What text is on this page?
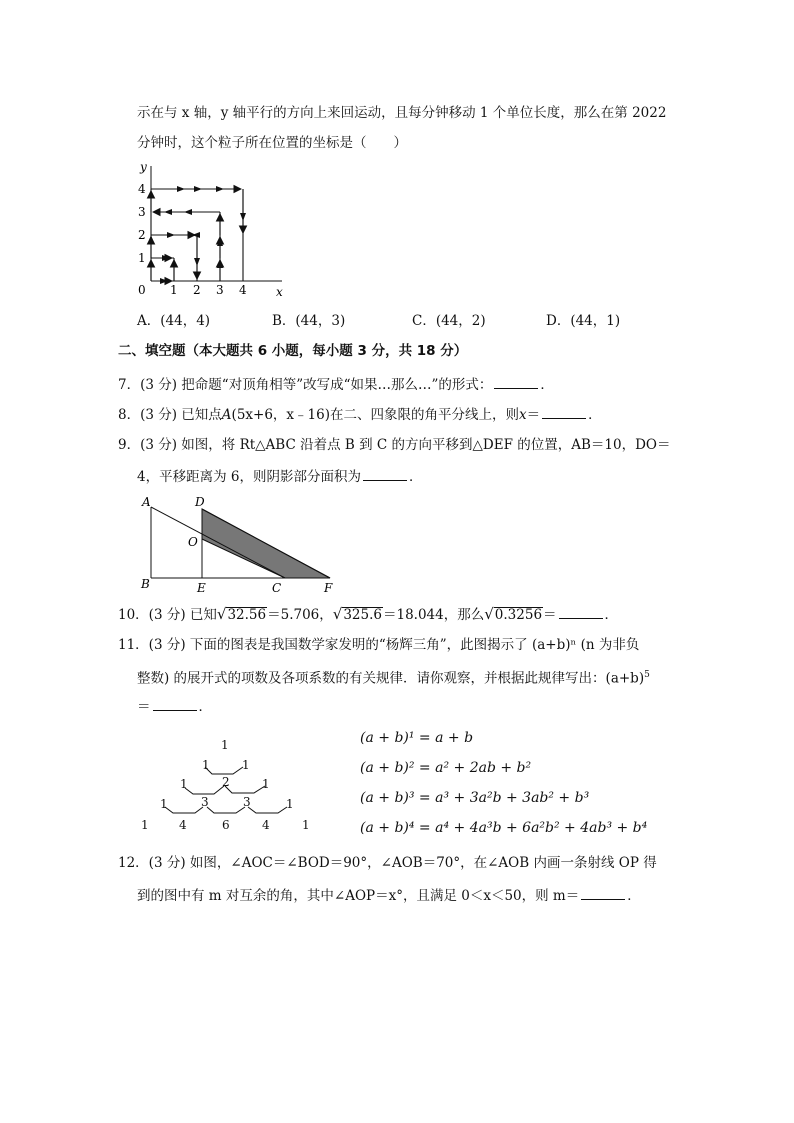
示在与 x 轴，y 轴平行的方向上来回运动，且每分钟移动 1 个单位长度，那么在第 2022
分钟时，这个粒子所在位置的坐标是（　　）
y
x
0 1 2 3 4
1
2
3
4
A．(44，4)	B．(44，3)	C．(44，2)	D．(44，1)
二、填空题（本大题共 6 小题，每小题 3 分，共 18 分）
7．(3 分) 把命题“对顶角相等”改写成“如果…那么…”的形式：	．
8．(3 分) 已知点A(5x+6，x﹣16)在二、四象限的角平分线上，则x＝	．
9．(3 分) 如图，将 Rt△ABC 沿着点 B 到 C 的方向平移到△DEF 的位置，AB＝10，DO＝
4，平移距离为 6，则阴影部分面积为	．
A	D
O
B	E	C	F
10．(3 分) 已知√32.56＝5.706，√325.6＝18.044，那么√0.3256＝	．
11．(3 分) 下面的图表是我国数学家发明的“杨辉三角”，此图揭示了 (a+b)ⁿ (n 为非负
整数) 的展开式的项数及各项系数的有关规律．请你观察，并根据此规律写出：$(a+b)^5$
＝	．
1
1	1
1	2	1
1	3	3	1
1	4	6	4	1
(a + b)¹ = a + b
(a + b)² = a² + 2ab + b²
(a + b)³ = a³ + 3a²b + 3ab² + b³
(a + b)⁴ = a⁴ + 4a³b + 6a²b² + 4ab³ + b⁴
12．(3 分) 如图，∠AOC＝∠BOD＝90°，∠AOB＝70°，在∠AOB 内画一条射线 OP 得
到的图中有 m 对互余的角，其中∠AOP＝x°，且满足 0＜x＜50，则 m＝	．
